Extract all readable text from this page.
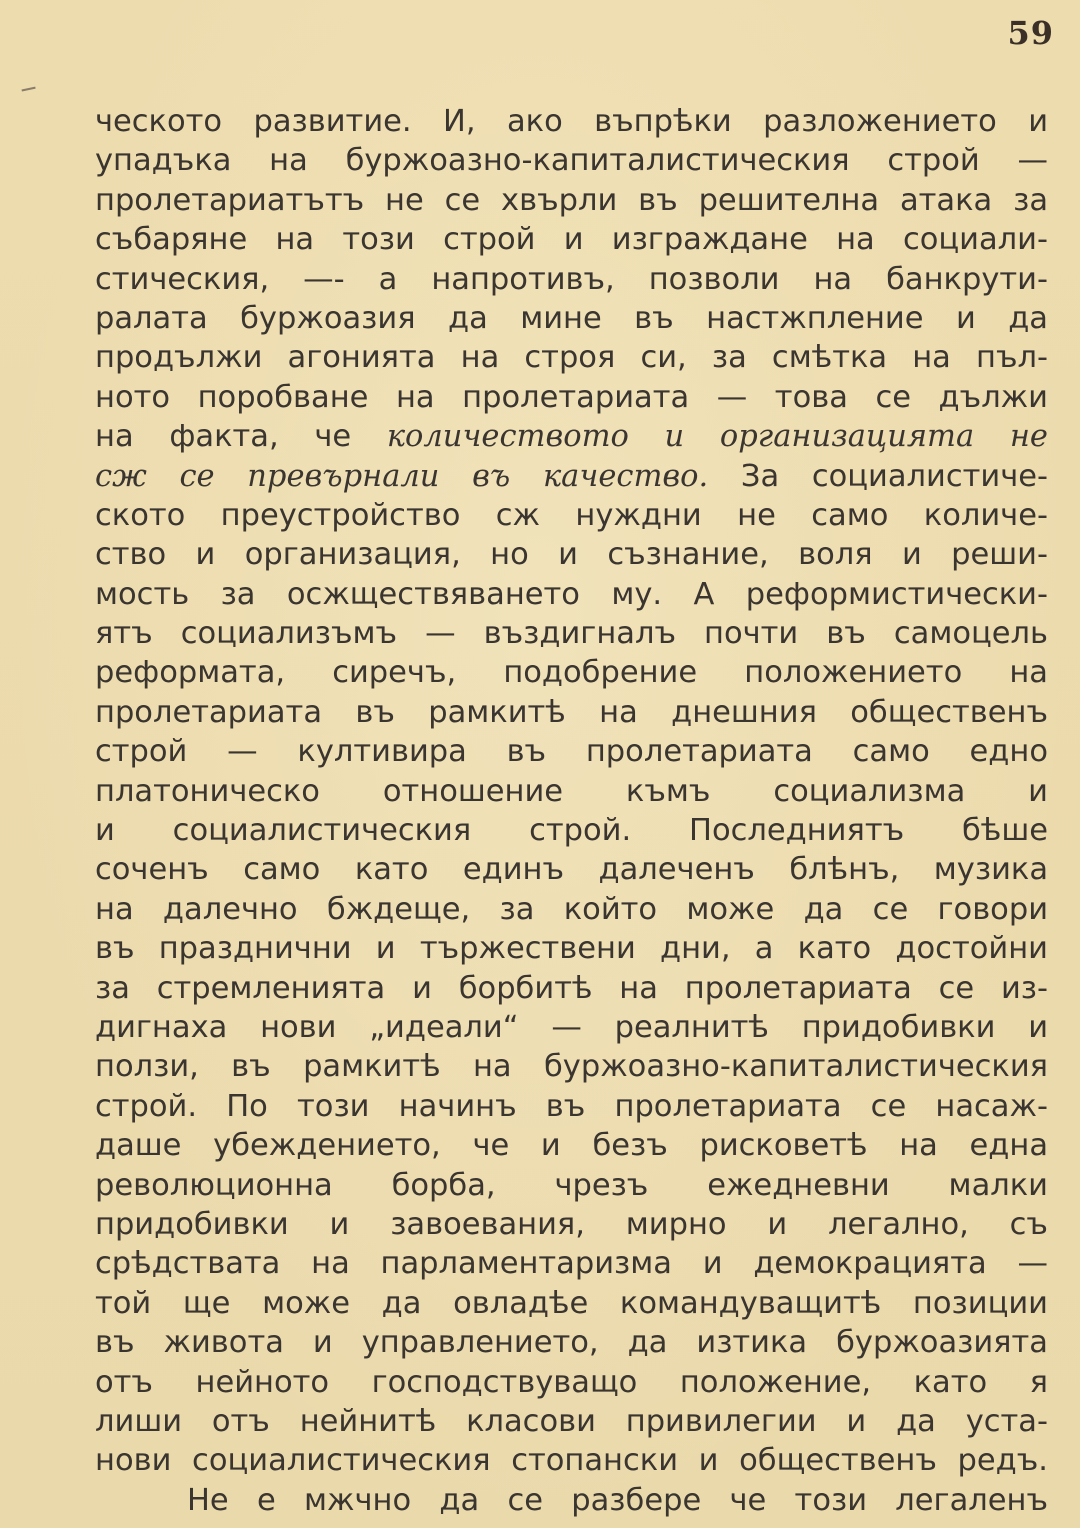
59
ческото развитие. И, ако въпрѣки разложението и
упадъка на буржоазно-капиталистическия строй —
пролетариатътъ не се хвърли въ решителна атака за
събаряне на този строй и изграждане на социали-
стическия, —- а напротивъ, позволи на банкрути-
ралата буржоазия да мине въ настжпление и да
продължи агонията на строя си, за смѣтка на пъл-
ното поробване на пролетариата — това се дължи
на факта, че количеството и организацията не
сж се превърнали въ качество. За социалистиче-
ското преустройство сж нуждни не само количе-
ство и организация, но и съзнание, воля и реши-
мость за осжществяването му. А реформистически-
ятъ социализъмъ — въздигналъ почти въ самоцель
реформата, сиречъ, подобрение положението на
пролетариата въ рамкитѣ на днешния общественъ
строй — култивира въ пролетариата само едно
платоническо отношение къмъ социализма и
и социалистическия строй. Последниятъ бѣше
соченъ само като единъ далеченъ блѣнъ, музика
на далечно бждеще, за който може да се говори
въ празднични и тържествени дни, а като достойни
за стремленията и борбитѣ на пролетариата се из-
дигнаха нови „идеали“ — реалнитѣ придобивки и
ползи, въ рамкитѣ на буржоазно-капиталистическия
строй. По този начинъ въ пролетариата се насаж-
даше убеждението, че и безъ рисковетѣ на една
революционна борба, чрезъ ежедневни малки
придобивки и завоевания, мирно и легално, съ
срѣдствата на парламентаризма и демокрацията —
той ще може да овладѣе командуващитѣ позиции
въ живота и управлението, да изтика буржоазията
отъ нейното господствуващо положение, като я
лиши отъ нейнитѣ класови привилегии и да уста-
нови социалистическия стопански и общественъ редъ.
Не е мжчно да се разбере че този легаленъ
